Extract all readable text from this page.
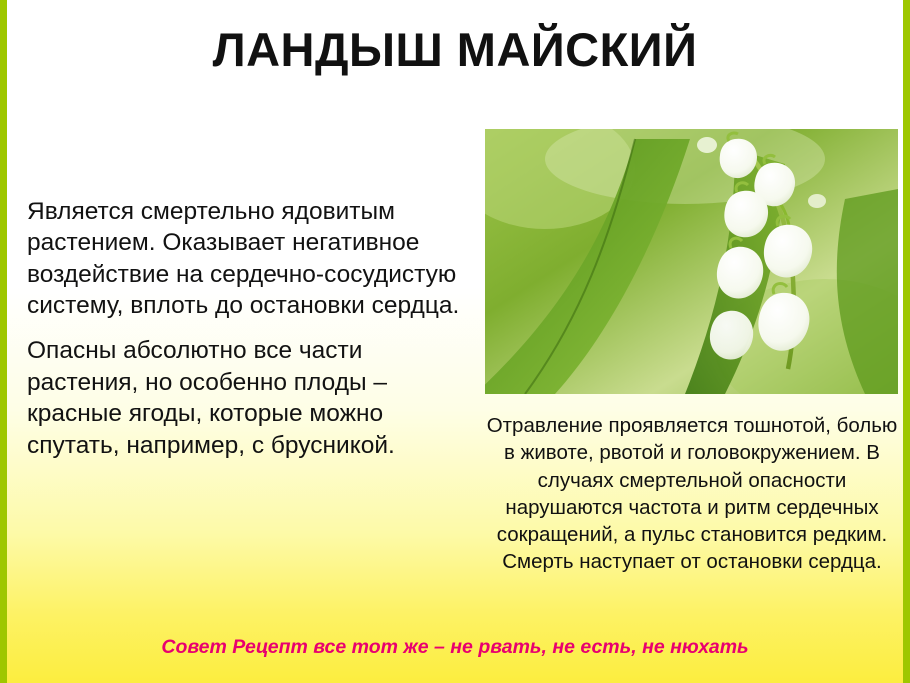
ЛАНДЫШ МАЙСКИЙ

Является смертельно ядовитым растением. Оказывает негативное воздействие на сердечно-сосудистую систему, вплоть до остановки сердца.

Опасны абсолютно все части растения, но особенно плоды – красные ягоды, которые можно спутать, например, с брусникой.

Отравление проявляется тошнотой, болью в животе, рвотой и головокружением. В случаях смертельной опасности нарушаются частота и ритм сердечных сокращений, а пульс становится редким. Смерть наступает от остановки сердца.

Совет Рецепт все тот же – не рвать, не есть, не нюхать
